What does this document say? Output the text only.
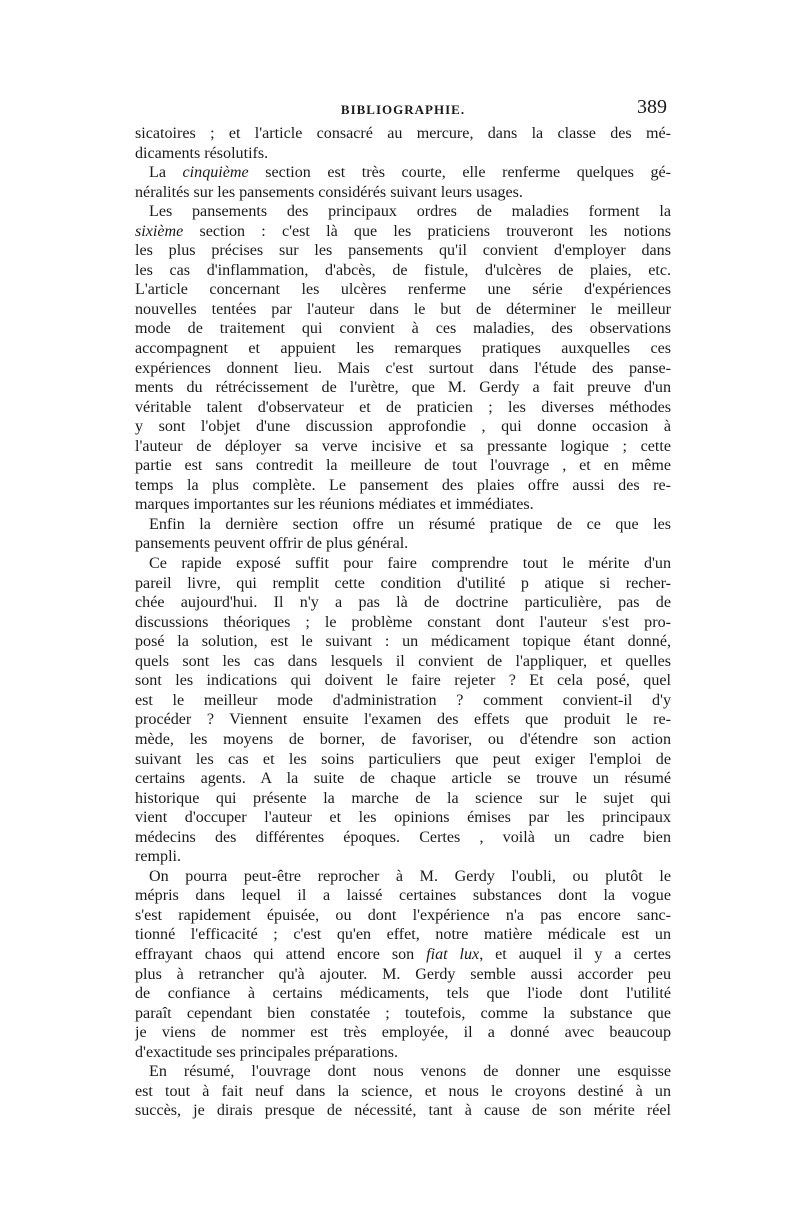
BIBLIOGRAPHIE.	389
sicatoires ; et l'article consacré au mercure, dans la classe des mé-
dicaments résolutifs.
La cinquième section est très courte, elle renferme quelques gé-
néralités sur les pansements considérés suivant leurs usages.
Les pansements des principaux ordres de maladies forment la
sixième section : c'est là que les praticiens trouveront les notions
les plus précises sur les pansements qu'il convient d'employer dans
les cas d'inflammation, d'abcès, de fistule, d'ulcères de plaies, etc.
L'article concernant les ulcères renferme une série d'expériences
nouvelles tentées par l'auteur dans le but de déterminer le meilleur
mode de traitement qui convient à ces maladies, des observations
accompagnent et appuient les remarques pratiques auxquelles ces
expériences donnent lieu. Mais c'est surtout dans l'étude des panse-
ments du rétrécissement de l'urètre, que M. Gerdy a fait preuve d'un
véritable talent d'observateur et de praticien ; les diverses méthodes
y sont l'objet d'une discussion approfondie , qui donne occasion à
l'auteur de déployer sa verve incisive et sa pressante logique ; cette
partie est sans contredit la meilleure de tout l'ouvrage , et en même
temps la plus complète. Le pansement des plaies offre aussi des re-
marques importantes sur les réunions médiates et immédiates.
Enfin la dernière section offre un résumé pratique de ce que les
pansements peuvent offrir de plus général.
Ce rapide exposé suffit pour faire comprendre tout le mérite d'un
pareil livre, qui remplit cette condition d'utilité p atique si recher-
chée aujourd'hui. Il n'y a pas là de doctrine particulière, pas de
discussions théoriques ; le problème constant dont l'auteur s'est pro-
posé la solution, est le suivant : un médicament topique étant donné,
quels sont les cas dans lesquels il convient de l'appliquer, et quelles
sont les indications qui doivent le faire rejeter ? Et cela posé, quel
est le meilleur mode d'administration ? comment convient-il d'y
procéder ? Viennent ensuite l'examen des effets que produit le re-
mède, les moyens de borner, de favoriser, ou d'étendre son action
suivant les cas et les soins particuliers que peut exiger l'emploi de
certains agents. A la suite de chaque article se trouve un résumé
historique qui présente la marche de la science sur le sujet qui
vient d'occuper l'auteur et les opinions émises par les principaux
médecins des différentes époques. Certes , voilà un cadre bien
rempli.
On pourra peut-être reprocher à M. Gerdy l'oubli, ou plutôt le
mépris dans lequel il a laissé certaines substances dont la vogue
s'est rapidement épuisée, ou dont l'expérience n'a pas encore sanc-
tionné l'efficacité ; c'est qu'en effet, notre matière médicale est un
effrayant chaos qui attend encore son fiat lux, et auquel il y a certes
plus à retrancher qu'à ajouter. M. Gerdy semble aussi accorder peu
de confiance à certains médicaments, tels que l'iode dont l'utilité
paraît cependant bien constatée ; toutefois, comme la substance que
je viens de nommer est très employée, il a donné avec beaucoup
d'exactitude ses principales préparations.
En résumé, l'ouvrage dont nous venons de donner une esquisse
est tout à fait neuf dans la science, et nous le croyons destiné à un
succès, je dirais presque de nécessité, tant à cause de son mérite réel
